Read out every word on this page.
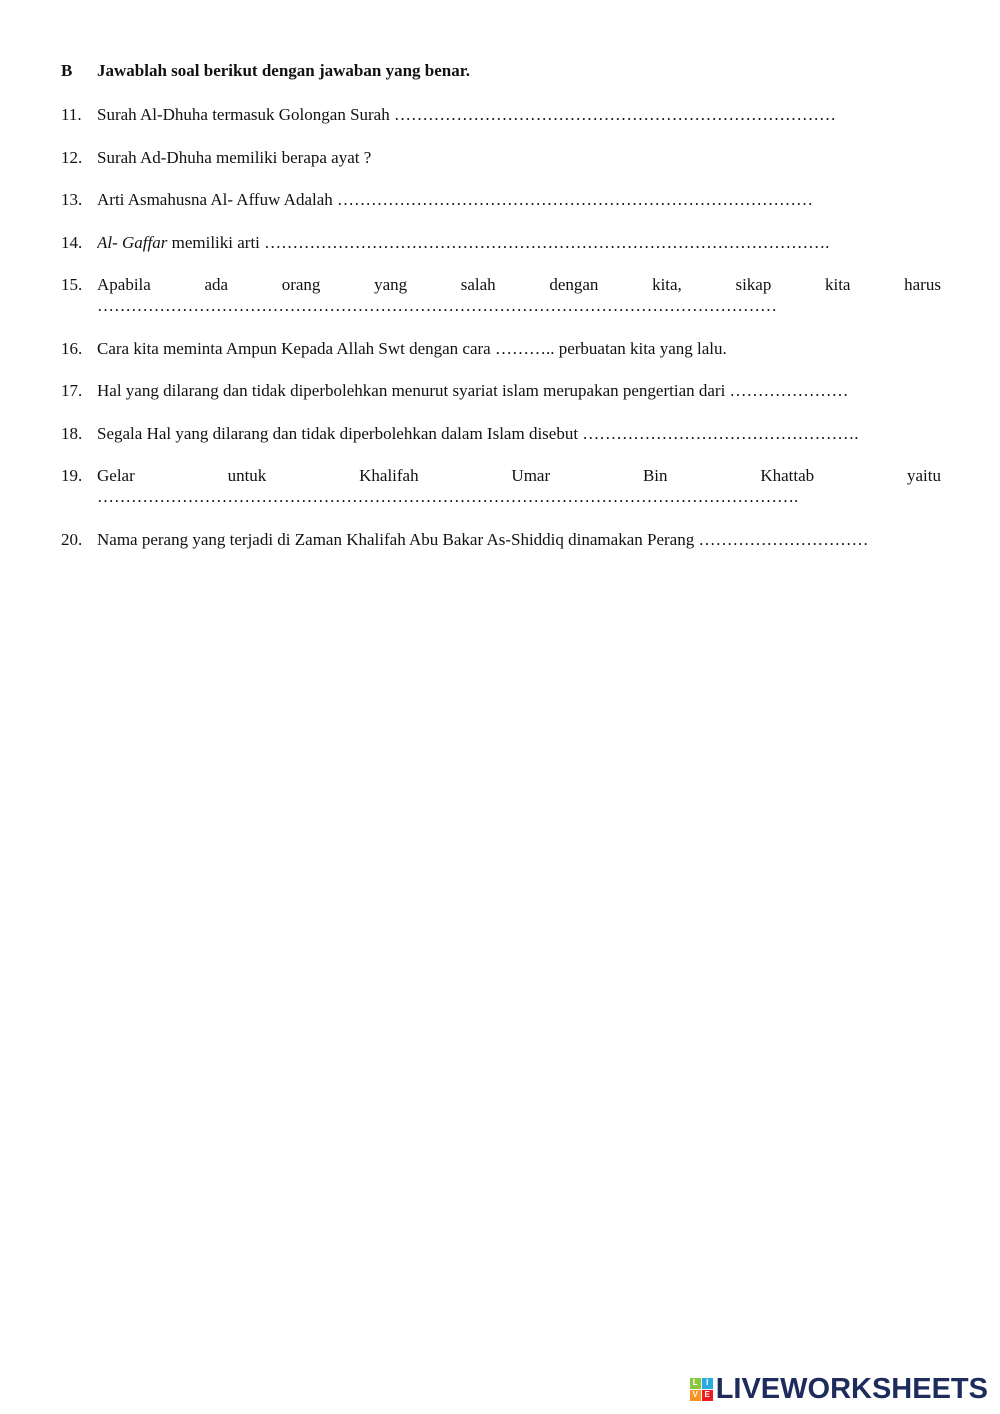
B	Jawablah soal berikut dengan jawaban yang benar.
11. Surah Al-Dhuha termasuk Golongan Surah ……………………………………………………………………
12. Surah Ad-Dhuha memiliki berapa ayat ?
13. Arti Asmahusna Al- Affuw Adalah …………………………………………………………………………
14. Al- Gaffar memiliki arti ……………………………………………………………………………………….
15. Apabila	ada	orang	yang	salah	dengan	kita,	sikap	kita	harus
…………………………………………………………………………………………………………
16. Cara kita meminta Ampun Kepada Allah Swt dengan cara ……….. perbuatan kita yang lalu.
17. Hal yang dilarang dan tidak diperbolehkan menurut syariat islam merupakan pengertian dari …………………
18. Segala Hal yang dilarang dan tidak diperbolehkan dalam Islam disebut ………………………………………….
19. Gelar	untuk	Khalifah	Umar	Bin	Khattab	yaitu
…………………………………………………………………………………………………………….
20. Nama perang yang terjadi di Zaman Khalifah Abu Bakar As-Shiddiq dinamakan Perang …………………………
L	I
V E LIVEWORKSHEETS
